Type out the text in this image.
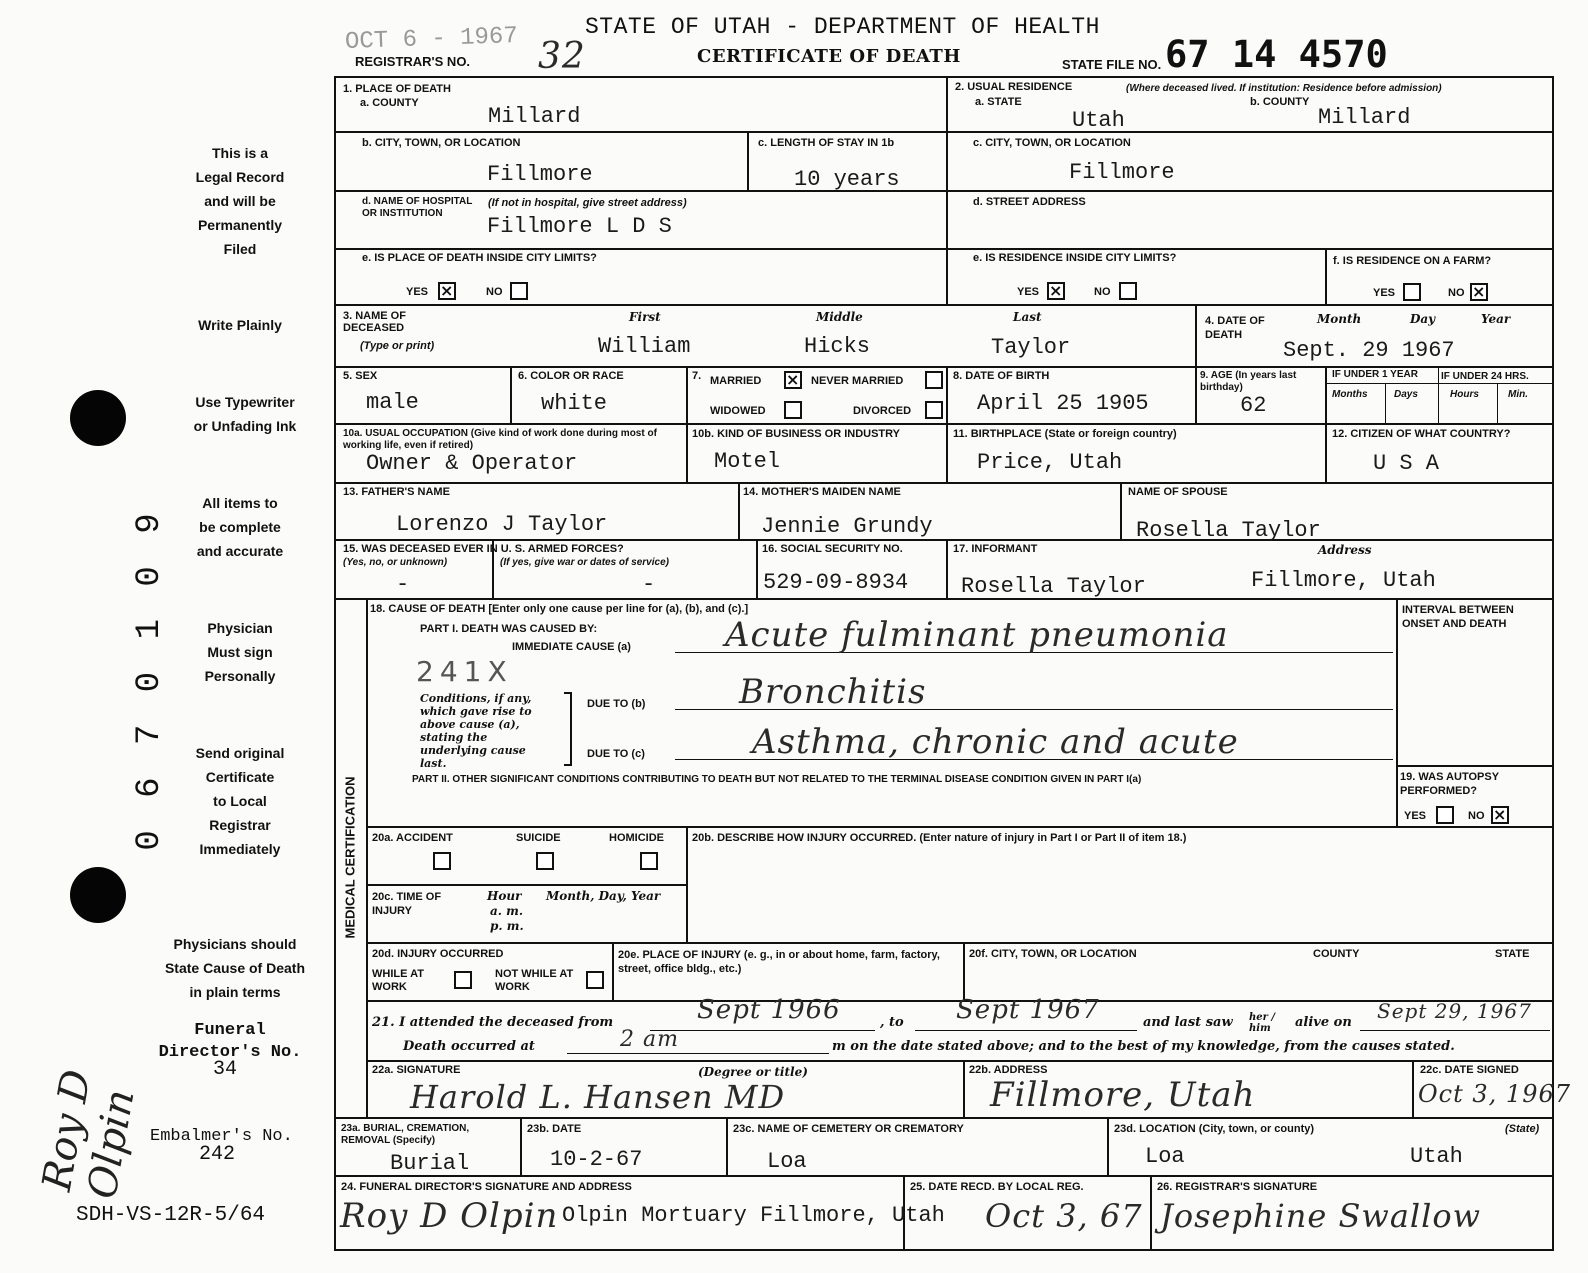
OCT 6 - 1967	STATE OF UTAH - DEPARTMENT OF HEALTH
REGISTRAR'S NO. 32	CERTIFICATE OF DEATH	STATE FILE NO. 67 14 4570
This is a
Legal Record
and will be
Permanently
Filed
Write Plainly
Use Typewriter
or Unfading Ink
All items to
be complete
and accurate
Physician
Must sign
Personally
Send original
Certificate
to Local
Registrar
Immediately
Physicians should
State Cause of Death
in plain terms
Funeral
Director's No.
34
Embalmer's No.
242
SDH-VS-12R-5/64
0 6 7 0 1 0 9
Roy D Olpin
1. PLACE OF DEATH
a. COUNTY
Millard
2. USUAL RESIDENCE	(Where deceased lived. If institution: Residence before admission)
a. STATE
Utah
b. COUNTY
Millard
b. CITY, TOWN, OR LOCATION
Fillmore
c. LENGTH OF STAY IN 1b
10 years
c. CITY, TOWN, OR LOCATION
Fillmore
d. NAME OF HOSPITAL OR INSTITUTION
(If not in hospital, give street address)
Fillmore L D S
d. STREET ADDRESS
e. IS PLACE OF DEATH INSIDE CITY LIMITS?
YES ×	NO
e. IS RESIDENCE INSIDE CITY LIMITS?
YES ×	NO
f. IS RESIDENCE ON A FARM?
YES	NO ×
3. NAME OF DECEASED
(Type or print)
First	Middle	Last
William	Hicks	Taylor
4. DATE OF DEATH
Month	Day	Year
Sept. 29 1967
5. SEX
male
6. COLOR OR RACE
white
7. MARRIED × NEVER MARRIED
WIDOWED	DIVORCED
8. DATE OF BIRTH
April 25 1905
9. AGE (In years last birthday)
62
IF UNDER 1 YEAR IF UNDER 24 HRS.
Months	Days	Hours	Min.
10a. USUAL OCCUPATION (Give kind of work done during most of working life, even if retired)
Owner & Operator
10b. KIND OF BUSINESS OR INDUSTRY
Motel
11. BIRTHPLACE (State or foreign country)
Price, Utah
12. CITIZEN OF WHAT COUNTRY?
U S A
13. FATHER'S NAME
Lorenzo J Taylor
14. MOTHER'S MAIDEN NAME
Jennie Grundy
NAME OF SPOUSE
Rosella Taylor
15. WAS DECEASED EVER IN U. S. ARMED FORCES?
(Yes, no, or unknown)	(If yes, give war or dates of service)
-	-
16. SOCIAL SECURITY NO.
529-09-8934
17. INFORMANT
Rosella Taylor
Address
Fillmore, Utah
MEDICAL CERTIFICATION
18. CAUSE OF DEATH [Enter only one cause per line for (a), (b), and (c).]
PART I. DEATH WAS CAUSED BY:
IMMEDIATE CAUSE (a)	Acute fulminant pneumonia
241X
Conditions, if any, which gave rise to above cause (a), stating the underlying cause last.
DUE TO (b)	Bronchitis
DUE TO (c)	Asthma, chronic and acute
PART II. OTHER SIGNIFICANT CONDITIONS CONTRIBUTING TO DEATH BUT NOT RELATED TO THE TERMINAL DISEASE CONDITION GIVEN IN PART I(a)
INTERVAL BETWEEN ONSET AND DEATH
19. WAS AUTOPSY PERFORMED?
YES	NO ×
20a. ACCIDENT	SUICIDE	HOMICIDE	20b. DESCRIBE HOW INJURY OCCURRED. (Enter nature of injury in Part I or Part II of item 18.)
20c. TIME OF INJURY
Hour
a. m.
p. m.
Month, Day, Year
20d. INJURY OCCURRED
WHILE AT WORK
NOT WHILE AT WORK
20e. PLACE OF INJURY (e. g., in or about home, farm, factory, street, office bldg., etc.)
20f. CITY, TOWN, OR LOCATION	COUNTY	STATE
21. I attended the deceased from	Sept 1966	, to Sept 1967	and last saw her / him	alive on Sept 29, 1967
Death occurred at	2 am	m on the date stated above; and to the best of my knowledge, from the causes stated.
22a. SIGNATURE	(Degree or title)
Harold L. Hansen MD
22b. ADDRESS
Fillmore, Utah
22c. DATE SIGNED
Oct 3, 1967
23a. BURIAL, CREMATION, REMOVAL (Specify)
Burial
23b. DATE
10-2-67
23c. NAME OF CEMETERY OR CREMATORY
Loa
23d. LOCATION (City, town, or county)	(State)
Loa	Utah
24. FUNERAL DIRECTOR'S SIGNATURE AND ADDRESS
Roy D Olpin Olpin Mortuary Fillmore, Utah
25. DATE RECD. BY LOCAL REG.
Oct 3, 67
26. REGISTRAR'S SIGNATURE
Josephine Swallow
